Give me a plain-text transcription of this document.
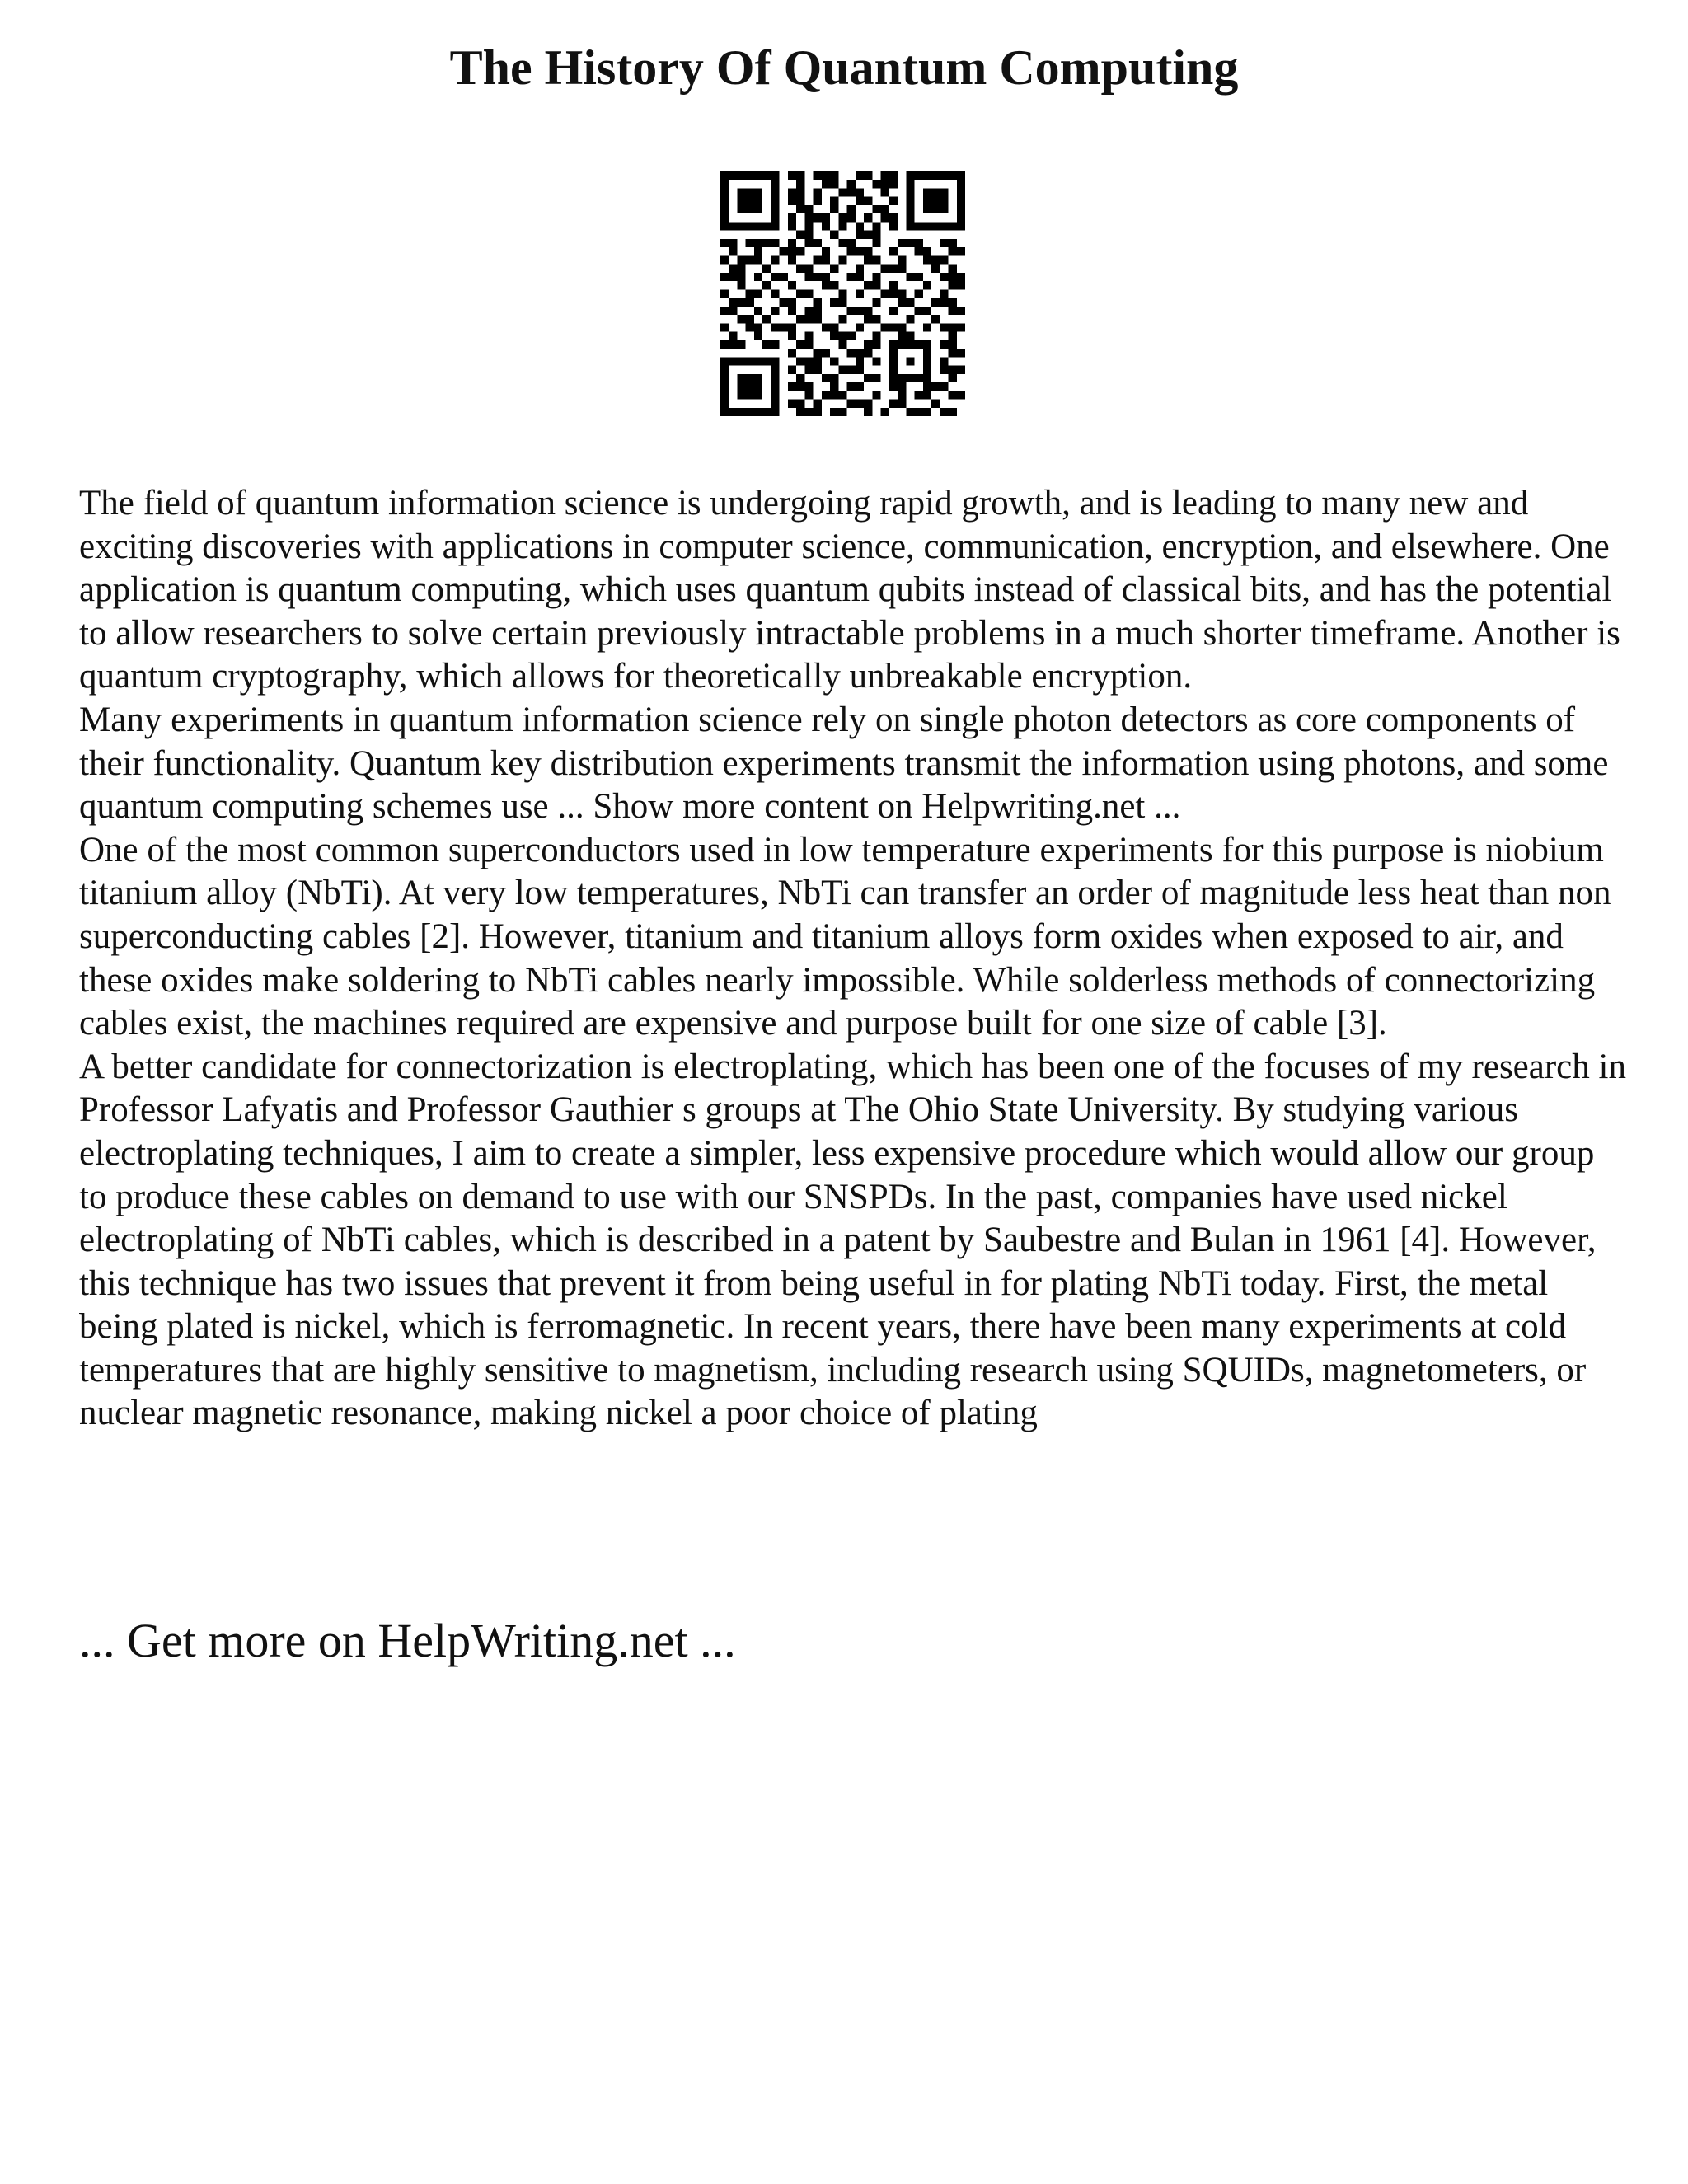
The History Of Quantum Computing

The field of quantum information science is undergoing rapid growth, and is leading to many new and exciting discoveries with applications in computer science, communication, encryption, and elsewhere. One application is quantum computing, which uses quantum qubits instead of classical bits, and has the potential to allow researchers to solve certain previously intractable problems in a much shorter timeframe. Another is quantum cryptography, which allows for theoretically unbreakable encryption.

Many experiments in quantum information science rely on single photon detectors as core components of their functionality. Quantum key distribution experiments transmit the information using photons, and some quantum computing schemes use ... Show more content on Helpwriting.net ...

One of the most common superconductors used in low temperature experiments for this purpose is niobium titanium alloy (NbTi). At very low temperatures, NbTi can transfer an order of magnitude less heat than non superconducting cables [2]. However, titanium and titanium alloys form oxides when exposed to air, and these oxides make soldering to NbTi cables nearly impossible. While solderless methods of connectorizing cables exist, the machines required are expensive and purpose built for one size of cable [3].

A better candidate for connectorization is electroplating, which has been one of the focuses of my research in Professor Lafyatis and Professor Gauthier s groups at The Ohio State University. By studying various electroplating techniques, I aim to create a simpler, less expensive procedure which would allow our group to produce these cables on demand to use with our SNSPDs. In the past, companies have used nickel electroplating of NbTi cables, which is described in a patent by Saubestre and Bulan in 1961 [4]. However, this technique has two issues that prevent it from being useful in for plating NbTi today. First, the metal being plated is nickel, which is ferromagnetic. In recent years, there have been many experiments at cold temperatures that are highly sensitive to magnetism, including research using SQUIDs, magnetometers, or nuclear magnetic resonance, making nickel a poor choice of plating

... Get more on HelpWriting.net ...
